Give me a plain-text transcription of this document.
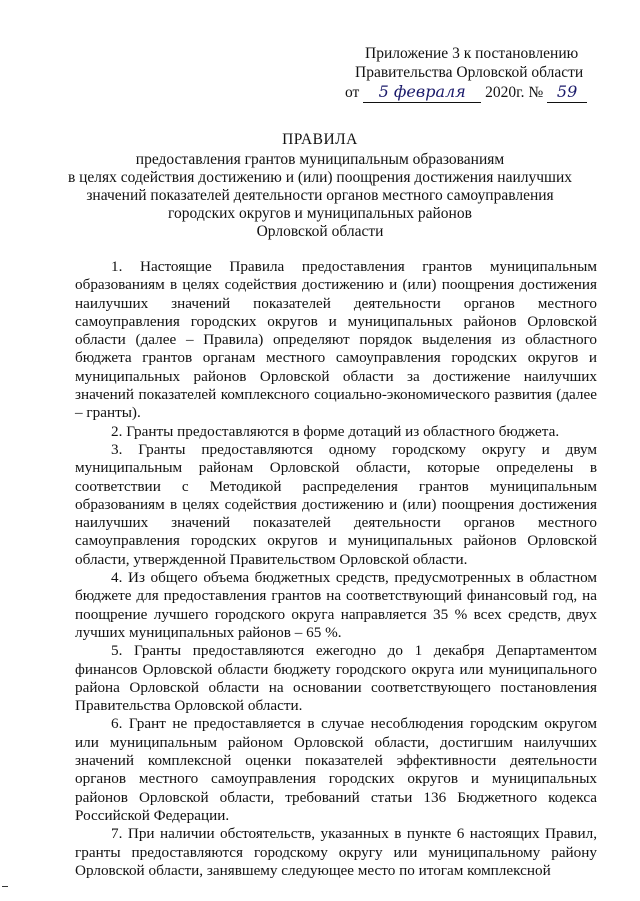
Приложение 3 к постановлению
Правительства Орловской области
от 5 февраля 2020г. № 59
ПРАВИЛА
предоставления грантов муниципальным образованиям
в целях содействия достижению и (или) поощрения достижения наилучших
значений показателей деятельности органов местного самоуправления
городских округов и муниципальных районов
Орловской области

1. Настоящие Правила предоставления грантов муниципальным образованиям в целях содействия достижению и (или) поощрения достижения наилучших значений показателей деятельности органов местного самоуправления городских округов и муниципальных районов Орловской области (далее – Правила) определяют порядок выделения из областного бюджета грантов органам местного самоуправления городских округов и муниципальных районов Орловской области за достижение наилучших значений показателей комплексного социально-экономического развития (далее – гранты).

2. Гранты предоставляются в форме дотаций из областного бюджета.

3. Гранты предоставляются одному городскому округу и двум муниципальным районам Орловской области, которые определены в соответствии с Методикой распределения грантов муниципальным образованиям в целях содействия достижению и (или) поощрения достижения наилучших значений показателей деятельности органов местного самоуправления городских округов и муниципальных районов Орловской области, утвержденной Правительством Орловской области.

4. Из общего объема бюджетных средств, предусмотренных в областном бюджете для предоставления грантов на соответствующий финансовый год, на поощрение лучшего городского округа направляется 35 % всех средств, двух лучших муниципальных районов – 65 %.

5. Гранты предоставляются ежегодно до 1 декабря Департаментом финансов Орловской области бюджету городского округа или муниципального района Орловской области на основании соответствующего постановления Правительства Орловской области.

6. Грант не предоставляется в случае несоблюдения городским округом или муниципальным районом Орловской области, достигшим наилучших значений комплексной оценки показателей эффективности деятельности органов местного самоуправления городских округов и муниципальных районов Орловской области, требований статьи 136 Бюджетного кодекса Российской Федерации.

7. При наличии обстоятельств, указанных в пункте 6 настоящих Правил, гранты предоставляются городскому округу или муниципальному району Орловской области, занявшему следующее место по итогам комплексной
